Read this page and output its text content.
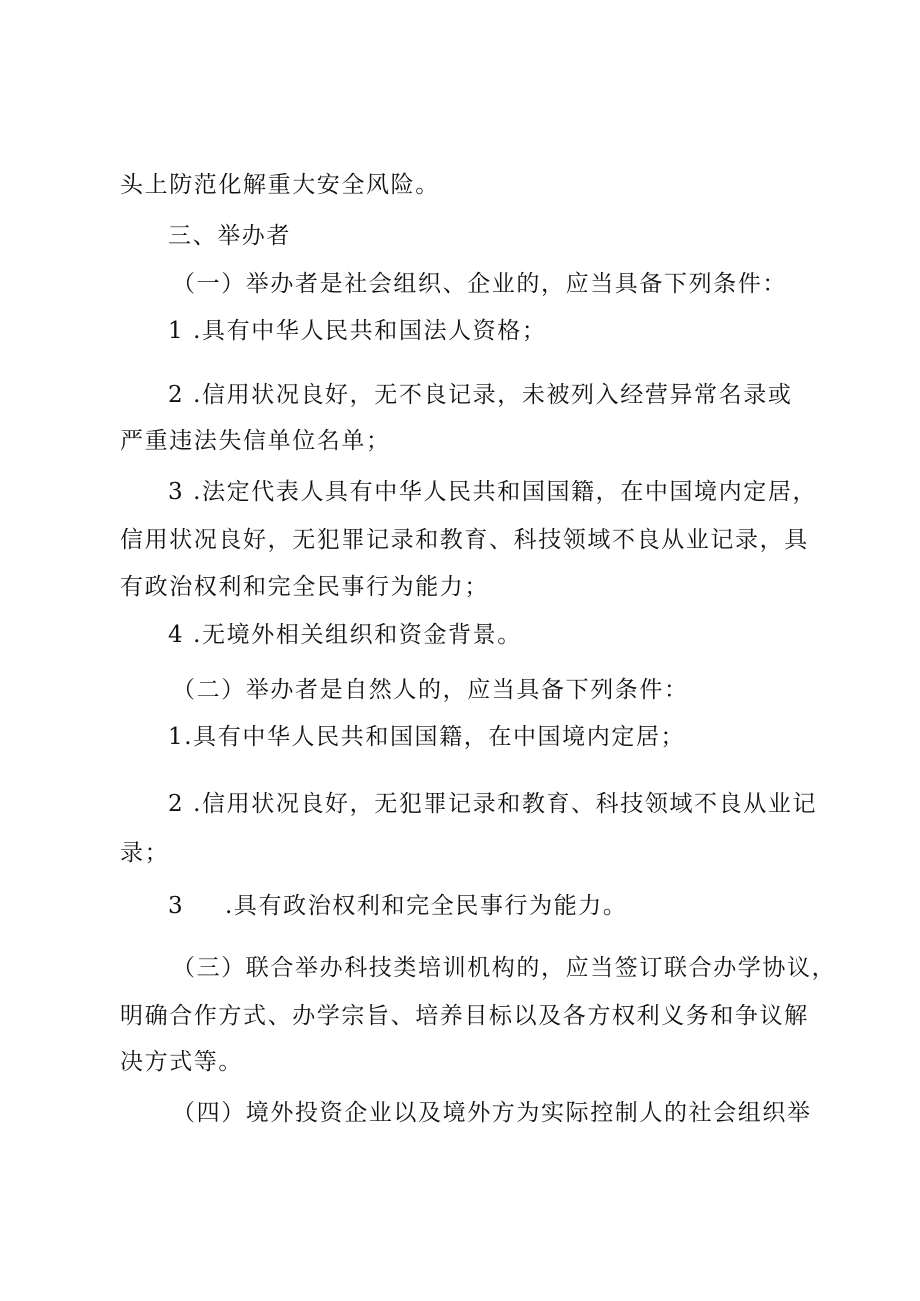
头上防范化解重大安全风险。
三、举办者
（一）举办者是社会组织、企业的，应当具备下列条件：
1 .具有中华人民共和国法人资格；
2 .信用状况良好，无不良记录，未被列入经营异常名录或
严重违法失信单位名单；
3 .法定代表人具有中华人民共和国国籍，在中国境内定居，
信用状况良好，无犯罪记录和教育、科技领域不良从业记录，具
有政治权利和完全民事行为能力；
4 .无境外相关组织和资金背景。
（二）举办者是自然人的，应当具备下列条件：
1.具有中华人民共和国国籍，在中国境内定居；
2 .信用状况良好，无犯罪记录和教育、科技领域不良从业记
录；
3 .具有政治权利和完全民事行为能力。
（三）联合举办科技类培训机构的，应当签订联合办学协议，
明确合作方式、办学宗旨、培养目标以及各方权利义务和争议解
决方式等。
（四）境外投资企业以及境外方为实际控制人的社会组织举
